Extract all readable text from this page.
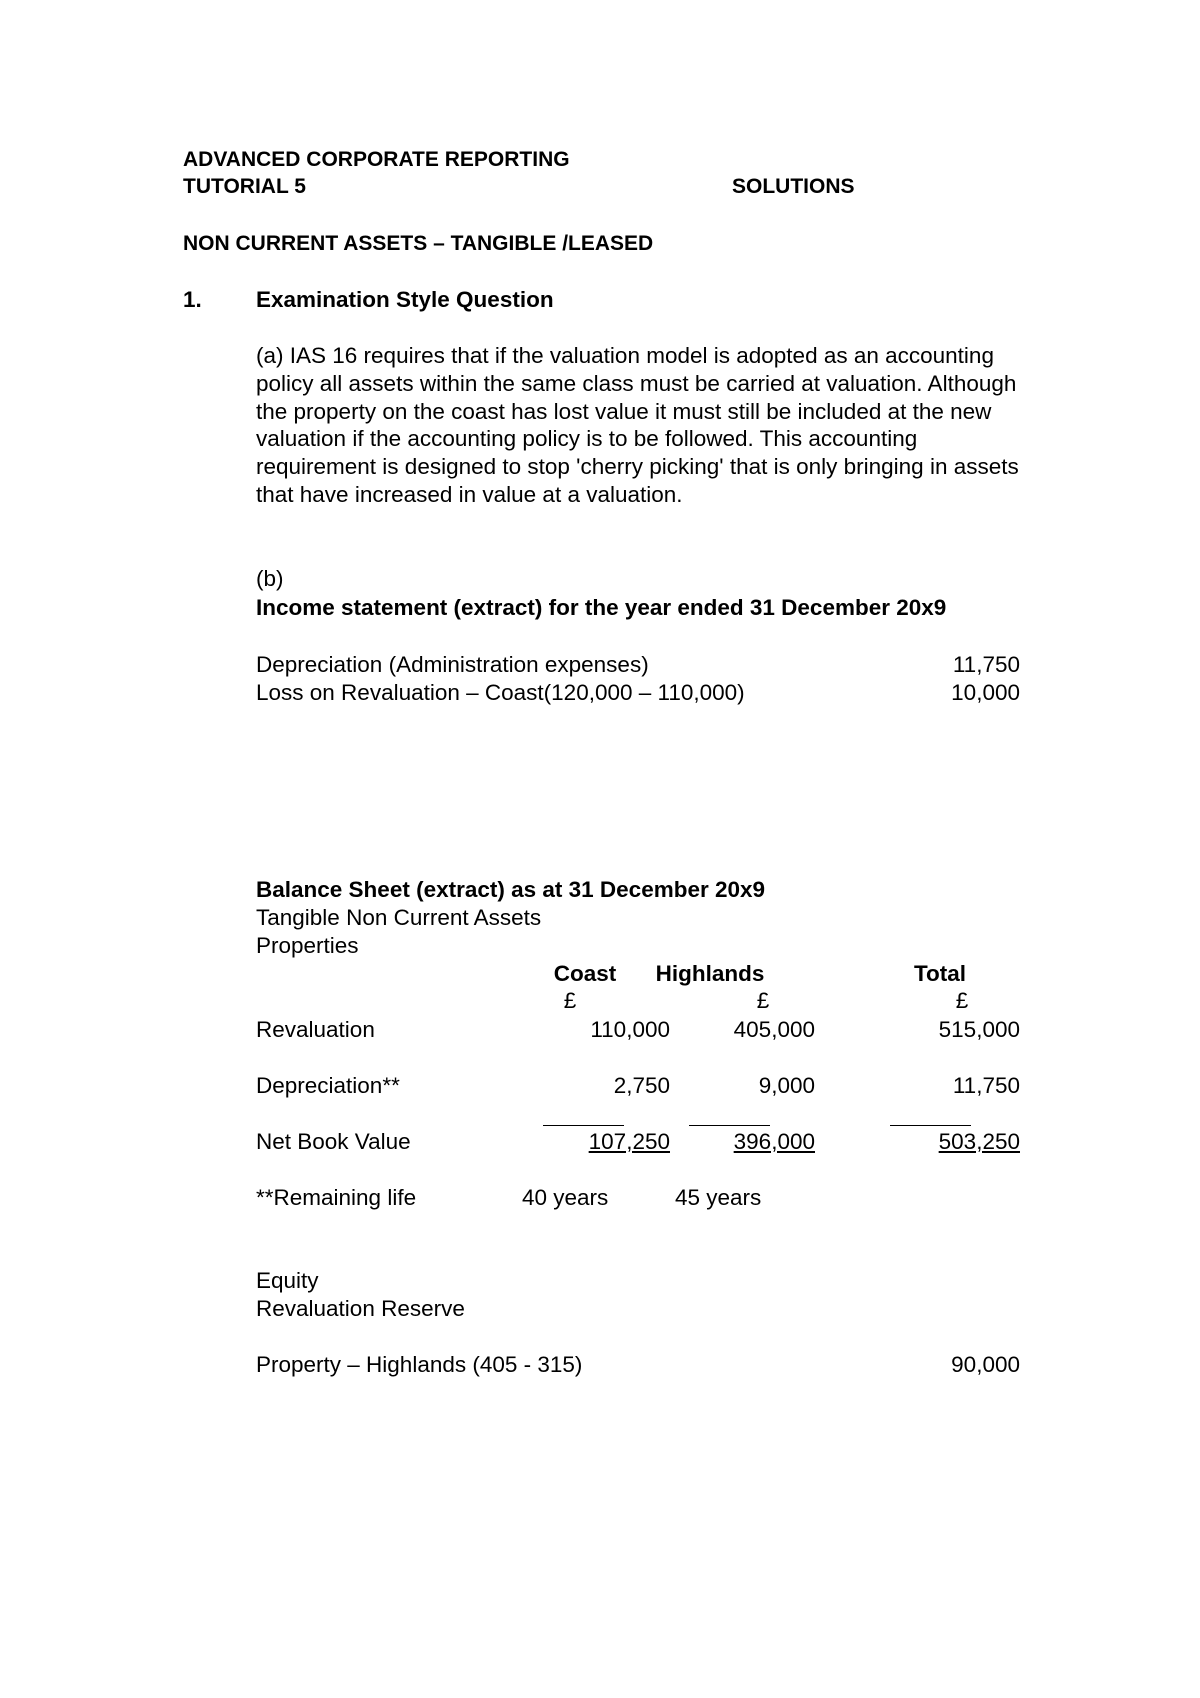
ADVANCED CORPORATE REPORTING
TUTORIAL 5	SOLUTIONS
NON CURRENT ASSETS – TANGIBLE /LEASED
1. Examination Style Question
(a) IAS 16 requires that if the valuation model is adopted as an accounting policy all assets within the same class must be carried at valuation. Although the property on the coast has lost value it must still be included at the new valuation if the accounting policy is to be followed. This accounting requirement is designed to stop 'cherry picking' that is only bringing in assets that have increased in value at a valuation.
(b)
Income statement (extract) for the year ended 31 December 20x9
Depreciation (Administration expenses)	11,750
Loss on Revaluation – Coast(120,000 – 110,000)	10,000
Balance Sheet (extract) as at 31 December 20x9
Tangible Non Current Assets
Properties
Coast	Highlands	Total
£	£	£
Revaluation	110,000	405,000	515,000
Depreciation**	2,750	9,000	11,750
Net Book Value	107,250	396,000	503,250
**Remaining life	40 years	45 years
Equity
Revaluation Reserve
Property – Highlands (405 - 315)	90,000
